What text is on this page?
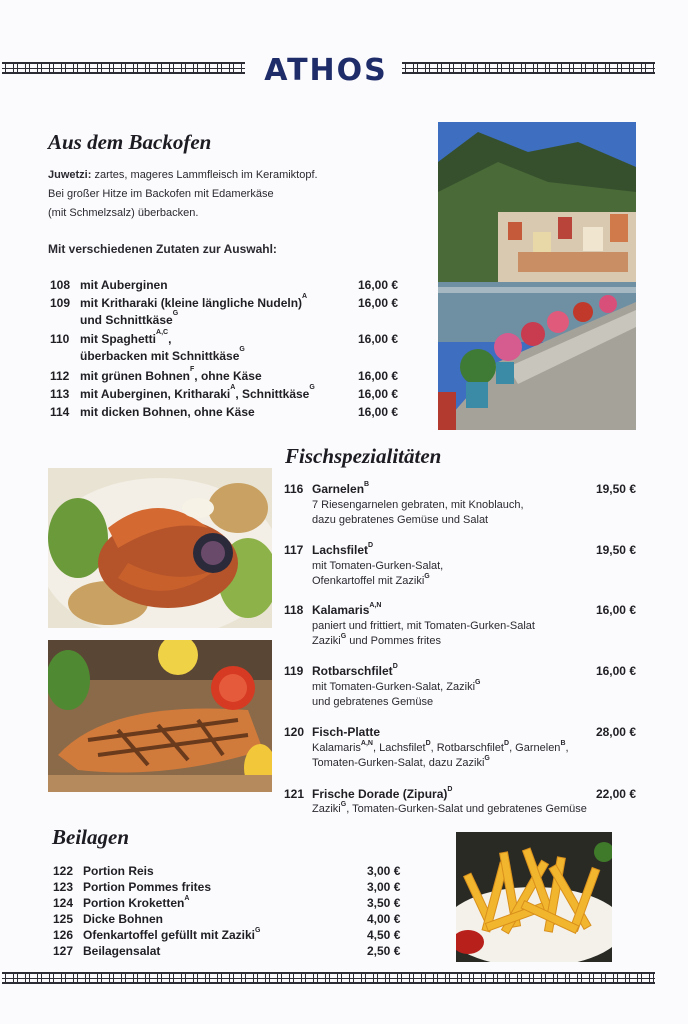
ATHOS
Aus dem Backofen
Juwetzi: zartes, mageres Lammfleisch im Keramiktopf.
Bei großer Hitze im Backofen mit Edamerkäse
(mit Schmelzsalz) überbacken.
Mit verschiedenen Zutaten zur Auswahl:
108 mit Auberginen	16,00 €
109 mit Kritharaki (kleine längliche Nudeln)$^A$
und Schnittkäse$^G$
16,00 €
110 mit Spaghetti$^{A,C}$,
überbacken mit Schnittkäse$^G$
16,00 €
112 mit grünen Bohnen$^F$, ohne Käse	16,00 €
113 mit Auberginen, Kritharaki$^A$, Schnittkäse$^G$	16,00 €
114 mit dicken Bohnen, ohne Käse	16,00 €
Fischspezialitäten
116 Garnelen$^B$	19,50 €
7 Riesengarnelen gebraten, mit Knoblauch,
dazu gebratenes Gemüse und Salat
117 Lachsfilet$^D$	19,50 €
mit Tomaten-Gurken-Salat,
Ofenkartoffel mit Zaziki$^G$
118 Kalamaris$^{A,N}$	16,00 €
paniert und frittiert, mit Tomaten-Gurken-Salat
Zaziki$^G$ und Pommes frites
119 Rotbarschfilet$^D$	16,00 €
mit Tomaten-Gurken-Salat, Zaziki$^G$
und gebratenes Gemüse
120 Fisch-Platte	28,00 €
Kalamaris$^{A,N}$, Lachsfilet$^D$, Rotbarschfilet$^D$, Garnelen$^B$,
Tomaten-Gurken-Salat, dazu Zaziki$^G$
121 Frische Dorade (Zipura)$^D$	22,00 €
Zaziki$^G$, Tomaten-Gurken-Salat und gebratenes Gemüse
Beilagen
122 Portion Reis	3,00 €
123 Portion Pommes frites	3,00 €
124 Portion Kroketten$^A$	3,50 €
125 Dicke Bohnen	4,00 €
126 Ofenkartoffel gefüllt mit Zaziki$^G$	4,50 €
127 Beilagensalat	2,50 €
